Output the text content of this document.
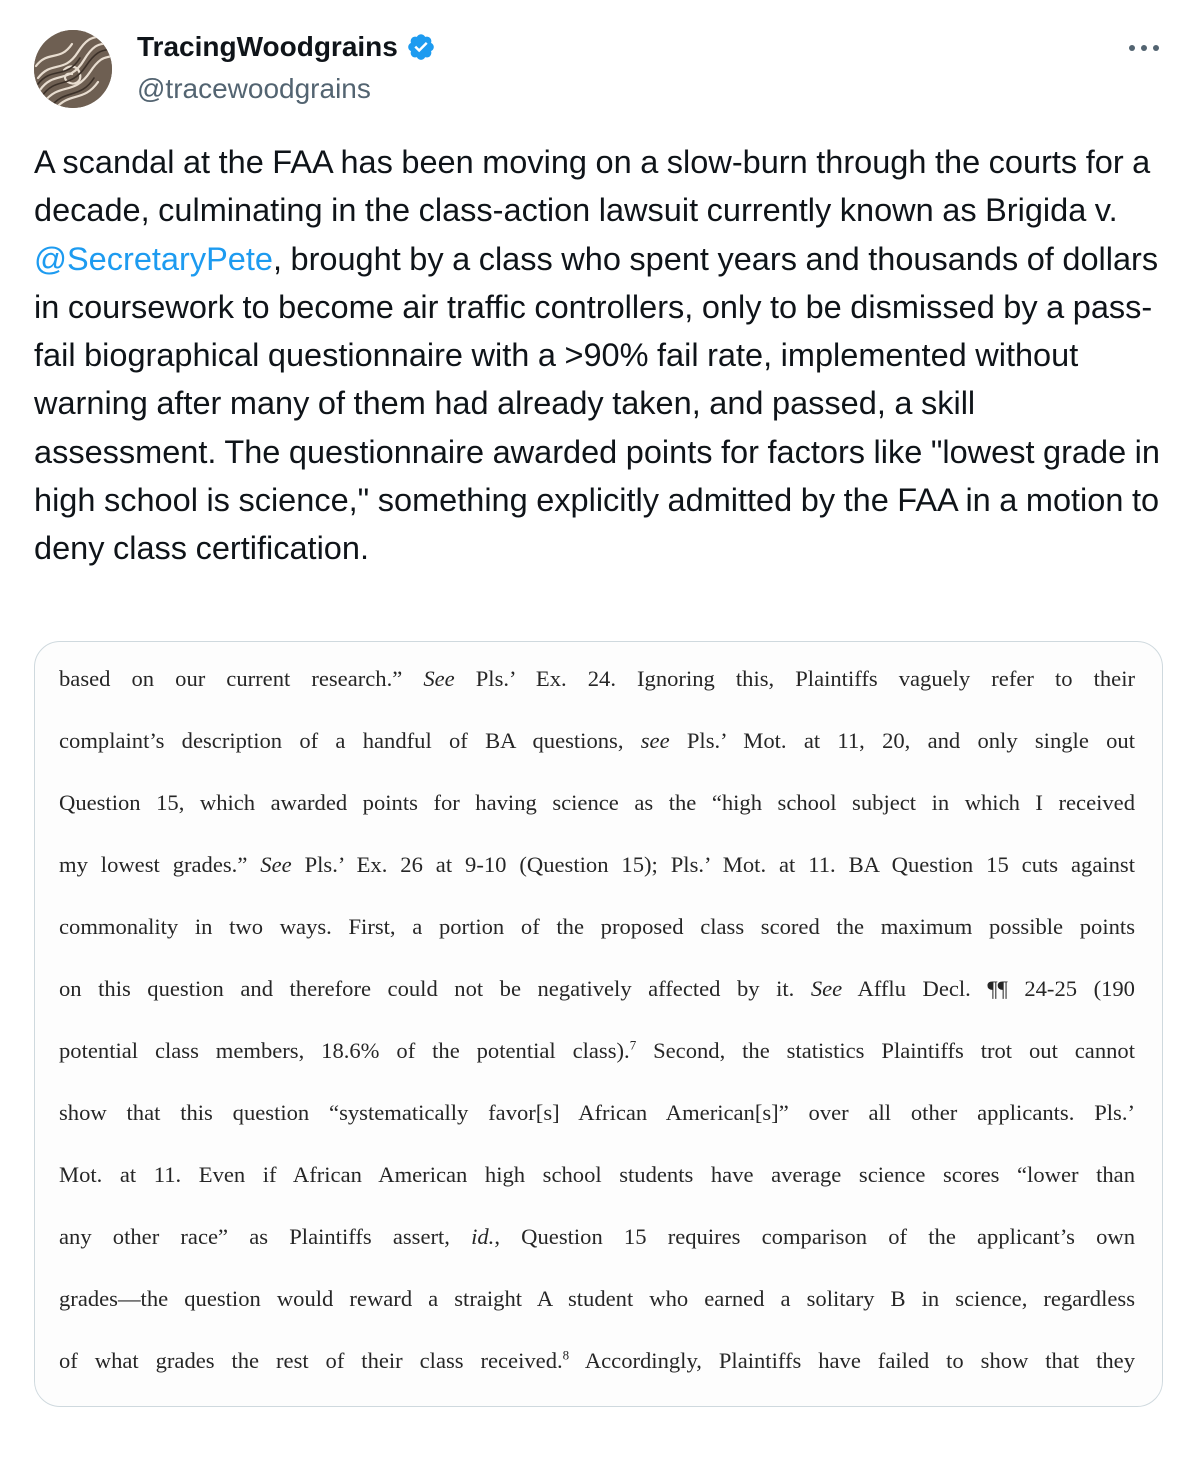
TracingWoodgrains
@tracewoodgrains
A scandal at the FAA has been moving on a slow-burn through the courts for a decade, culminating in the class-action lawsuit currently known as Brigida v. @SecretaryPete, brought by a class who spent years and thousands of dollars in coursework to become air traffic controllers, only to be dismissed by a pass-fail biographical questionnaire with a >90% fail rate, implemented without warning after many of them had already taken, and passed, a skill assessment. The questionnaire awarded points for factors like "lowest grade in high school is science," something explicitly admitted by the FAA in a motion to deny class certification.
based on our current research.” See Pls.’ Ex. 24. Ignoring this, Plaintiffs vaguely refer to their
complaint’s description of a handful of BA questions, see Pls.’ Mot. at 11, 20, and only single out
Question 15, which awarded points for having science as the “high school subject in which I received
my lowest grades.” See Pls.’ Ex. 26 at 9-10 (Question 15); Pls.’ Mot. at 11. BA Question 15 cuts against
commonality in two ways. First, a portion of the proposed class scored the maximum possible points
on this question and therefore could not be negatively affected by it. See Afflu Decl. ¶¶ 24-25 (190
potential class members, 18.6% of the potential class).$^7$ Second, the statistics Plaintiffs trot out cannot
show that this question “systematically favor[s] African American[s]” over all other applicants. Pls.’
Mot. at 11. Even if African American high school students have average science scores “lower than
any other race” as Plaintiffs assert, id., Question 15 requires comparison of the applicant’s own
grades—the question would reward a straight A student who earned a solitary B in science, regardless
of what grades the rest of their class received.$^8$ Accordingly, Plaintiffs have failed to show that they
